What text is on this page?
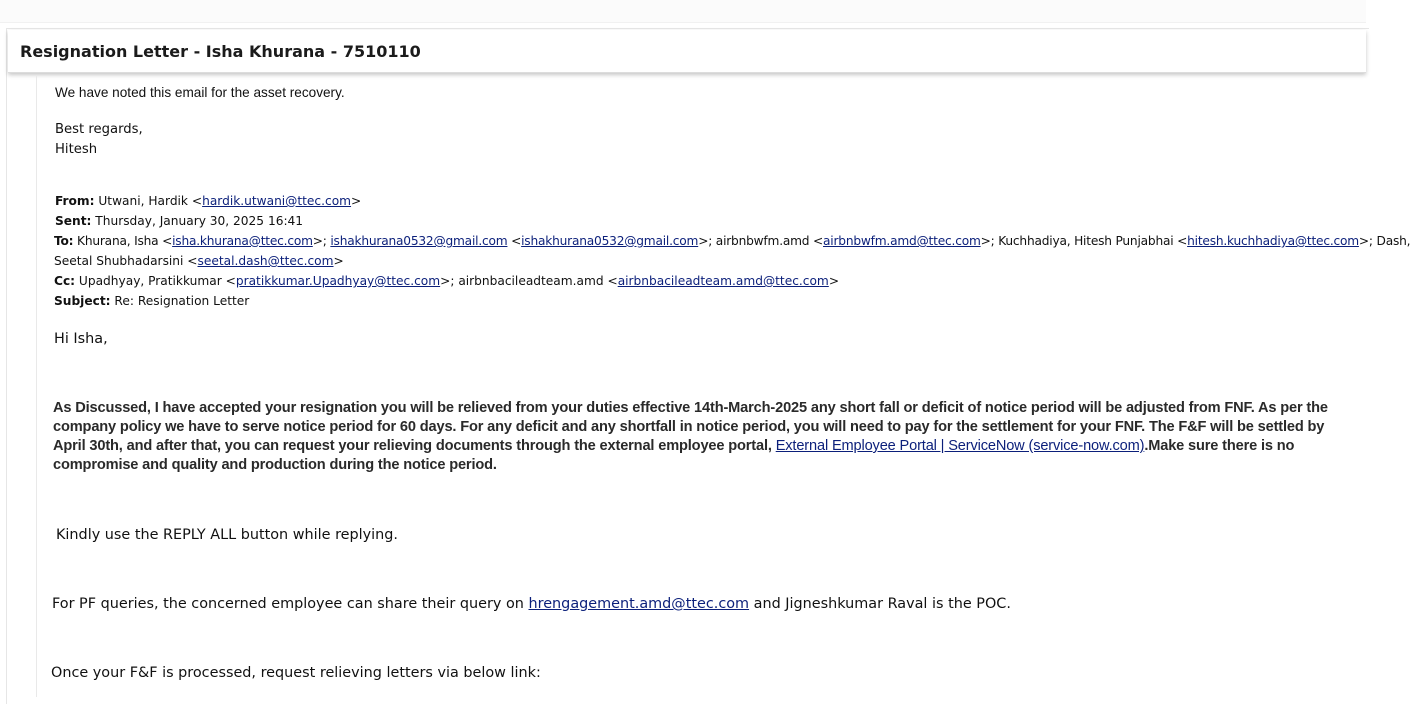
Resignation Letter - Isha Khurana - 7510110
We have noted this email for the asset recovery.
Best regards,
Hitesh
From: Utwani, Hardik <hardik.utwani@ttec.com>
Sent: Thursday, January 30, 2025 16:41
To: Khurana, Isha <isha.khurana@ttec.com>; ishakhurana0532@gmail.com <ishakhurana0532@gmail.com>; airbnbwfm.amd <airbnbwfm.amd@ttec.com>; Kuchhadiya, Hitesh Punjabhai <hitesh.kuchhadiya@ttec.com>; Dash,
Seetal Shubhadarsini <seetal.dash@ttec.com>
Cc: Upadhyay, Pratikkumar <pratikkumar.Upadhyay@ttec.com>; airbnbacileadteam.amd <airbnbacileadteam.amd@ttec.com>
Subject: Re: Resignation Letter
Hi Isha,
As Discussed, I have accepted your resignation you will be relieved from your duties effective 14th-March-2025 any short fall or deficit of notice period will be adjusted from FNF. As per the company policy we have to serve notice period for 60 days. For any deficit and any shortfall in notice period, you will need to pay for the settlement for your FNF. The F&F will be settled by April 30th, and after that, you can request your relieving documents through the external employee portal, External Employee Portal | ServiceNow (service-now.com).Make sure there is no compromise and quality and production during the notice period.
Kindly use the REPLY ALL button while replying.
For PF queries, the concerned employee can share their query on hrengagement.amd@ttec.com and Jigneshkumar Raval is the POC.
Once your F&F is processed, request relieving letters via below link:
